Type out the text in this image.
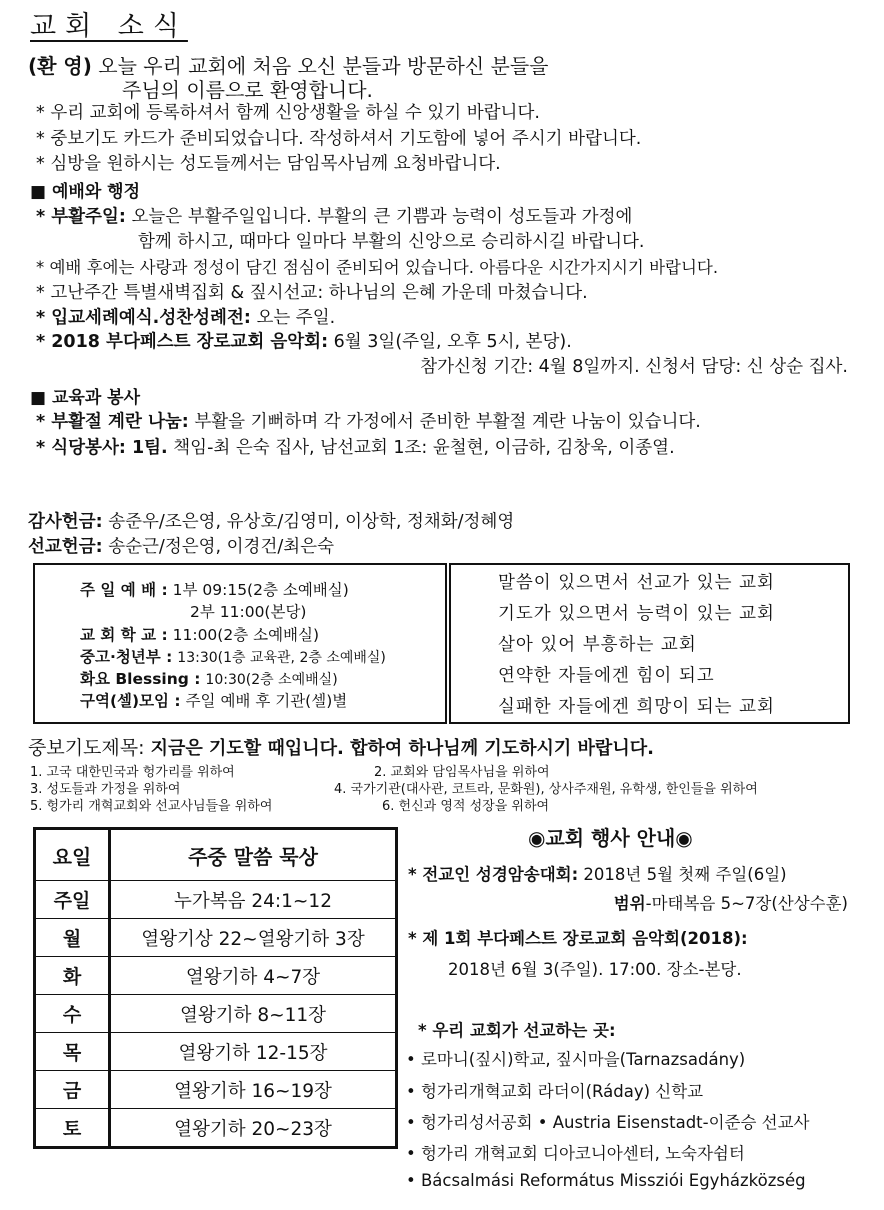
교회 소식
(환 영) 오늘 우리 교회에 처음 오신 분들과 방문하신 분들을
주님의 이름으로 환영합니다.
* 우리 교회에 등록하셔서 함께 신앙생활을 하실 수 있기 바랍니다.
* 중보기도 카드가 준비되었습니다. 작성하셔서 기도함에 넣어 주시기 바랍니다.
* 심방을 원하시는 성도들께서는 담임목사님께 요청바랍니다.
■ 예배와 행정
* 부활주일: 오늘은 부활주일입니다. 부활의 큰 기쁨과 능력이 성도들과 가정에
함께 하시고, 때마다 일마다 부활의 신앙으로 승리하시길 바랍니다.
* 예배 후에는 사랑과 정성이 담긴 점심이 준비되어 있습니다. 아름다운 시간가지시기 바랍니다.
* 고난주간 특별새벽집회 & 짚시선교: 하나님의 은혜 가운데 마쳤습니다.
* 입교세례예식.성찬성례전: 오는 주일.
* 2018 부다페스트 장로교회 음악회: 6월 3일(주일, 오후 5시, 본당).
참가신청 기간: 4월 8일까지. 신청서 담당: 신 상순 집사.
■ 교육과 봉사
* 부활절 계란 나눔: 부활을 기뻐하며 각 가정에서 준비한 부활절 계란 나눔이 있습니다.
* 식당봉사: 1팀. 책임-최 은숙 집사, 남선교회 1조: 윤철현, 이금하, 김창욱, 이종열.
감사헌금: 송준우/조은영, 유상호/김영미, 이상학, 정채화/정혜영
선교헌금: 송순근/정은영, 이경건/최은숙
주 일 예 배 : 1부 09:15(2층 소예배실)
2부 11:00(본당)
교 회 학 교 : 11:00(2층 소예배실)
중고·청년부 : 13:30(1층 교육관, 2층 소예배실)
화요 Blessing : 10:30(2층 소예배실)
구역(셀)모임 : 주일 예배 후 기관(셀)별
말씀이 있으면서 선교가 있는 교회
기도가 있으면서 능력이 있는 교회
살아 있어 부흥하는 교회
연약한 자들에겐 힘이 되고
실패한 자들에겐 희망이 되는 교회
중보기도제목: 지금은 기도할 때입니다. 합하여 하나님께 기도하시기 바랍니다.
1. 고국 대한민국과 헝가리를 위하여	2. 교회와 담임목사님을 위하여
3. 성도들과 가정을 위하여	4. 국가기관(대사관, 코트라, 문화원), 상사주재원, 유학생, 한인들을 위하여
5. 헝가리 개혁교회와 선교사님들을 위하여	6. 헌신과 영적 성장을 위하여
요일	주중 말씀 묵상
주일	누가복음 24:1~12
월	열왕기상 22~열왕기하 3장
화	열왕기하 4~7장
수	열왕기하 8~11장
목	열왕기하 12-15장
금	열왕기하 16~19장
토	열왕기하 20~23장
◉교회 행사 안내◉
* 전교인 성경암송대회: 2018년 5월 첫째 주일(6일)
범위-마태복음 5~7장(산상수훈)
* 제 1회 부다페스트 장로교회 음악회(2018):
2018년 6월 3(주일). 17:00. 장소-본당.
* 우리 교회가 선교하는 곳:
• 로마니(짚시)학교, 짚시마을(Tarnazsadány)
• 헝가리개혁교회 라더이(Ráday) 신학교
• 헝가리성서공회 • Austria Eisenstadt-이준승 선교사
• 헝가리 개혁교회 디아코니아센터, 노숙자쉼터
• Bácsalmási Református Missziói Egyházközség
